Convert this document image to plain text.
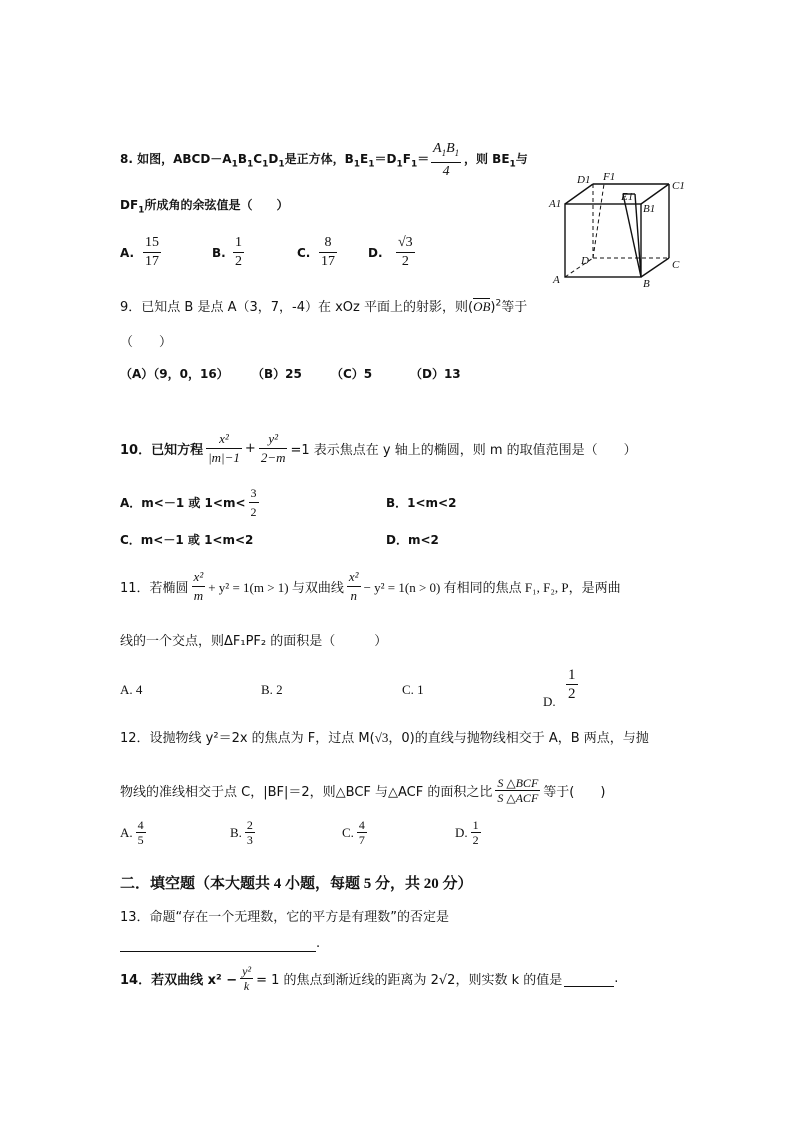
8. 如图，$ABCD-A_1B_1C_1D_1$是正方体，$B_1E_1=D_1F_1= \frac{A_1B_1}{4}$ ，则 $BE_1$与
$DF_1$所成角的余弦值是（　　）
A. $\frac{15}{17}$	B. $\frac{1}{2}$	C. $\frac{8}{17}$	D. $\frac{√3}{2}$
D1 F1
C1
A1
E1
B1
D	C
A	B
9．已知点 B 是点 A（3，7，-4）在 xOz 平面上的射影，则(OB)$^2$等于
（　　）
（A）（9，0，16） （B）25 （C）5	（D）13
10．已知方程 $\frac{\text{x²}}{|m|-1} + \frac{\text{y²}}{2-m} =1$ 表示焦点在 y 轴上的椭圆，则 m 的取值范围是（　　）
A．m<－1 或 $1<m< \frac{3}{2}$	B．1<m<2
C．m<－1 或 1<m<2	D．m<2
11．若椭圆 $\frac{\text{x²}}{m} + y^2 = 1(m > 1)$ 与双曲线 $\frac{\text{x²}}{n} - y^2 = 1(n > 0)$ 有相同的焦点 F₁, F₂, P，是两曲
线的一个交点，则ΔF₁PF₂ 的面积是（　　　）
A. 4	B. 2	C. 1
D. $\frac{1}{2}$
12．设抛物线 y²＝2x 的焦点为 F，过点 M(√3，0)的直线与抛物线相交于 A，B 两点，与抛
物线的准线相交于点 C，|BF|＝2，则△BCF 与△ACF 的面积之比 $\frac{\text{S △BCF}}{\text{S △ACF}}$ 等于(　　)
A. $\frac{4}{5}$	B. $\frac{2}{3}$	C. $\frac{4}{7}$	D. $\frac{1}{2}$
二．填空题（本大题共 4 小题，每题 5 分，共 20 分）
13．命题“存在一个无理数，它的平方是有理数”的否定是
.
14．若双曲线 $x^2 - \frac{\text{y²}}{k} = 1$ 的焦点到渐近线的距离为 2√2，则实数 k 的值是
	.
